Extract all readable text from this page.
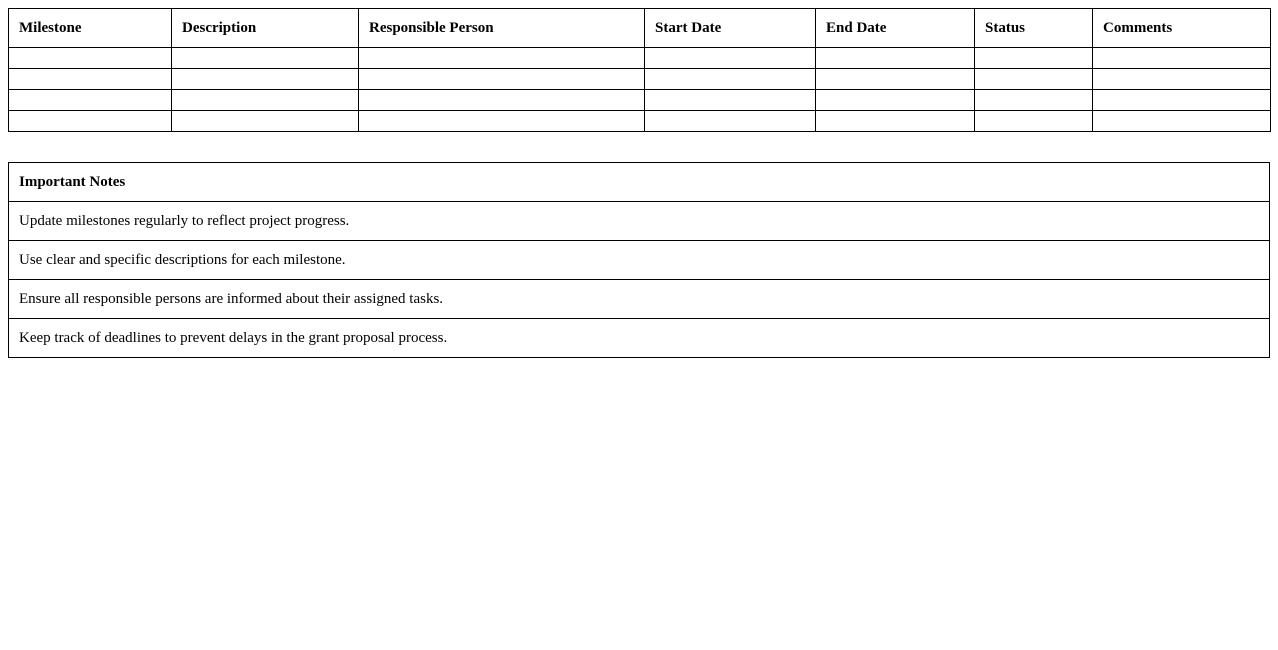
Milestone	Description	Responsible Person	Start Date	End Date	Status	Comments

Important Notes
Update milestones regularly to reflect project progress.
Use clear and specific descriptions for each milestone.
Ensure all responsible persons are informed about their assigned tasks.
Keep track of deadlines to prevent delays in the grant proposal process.
